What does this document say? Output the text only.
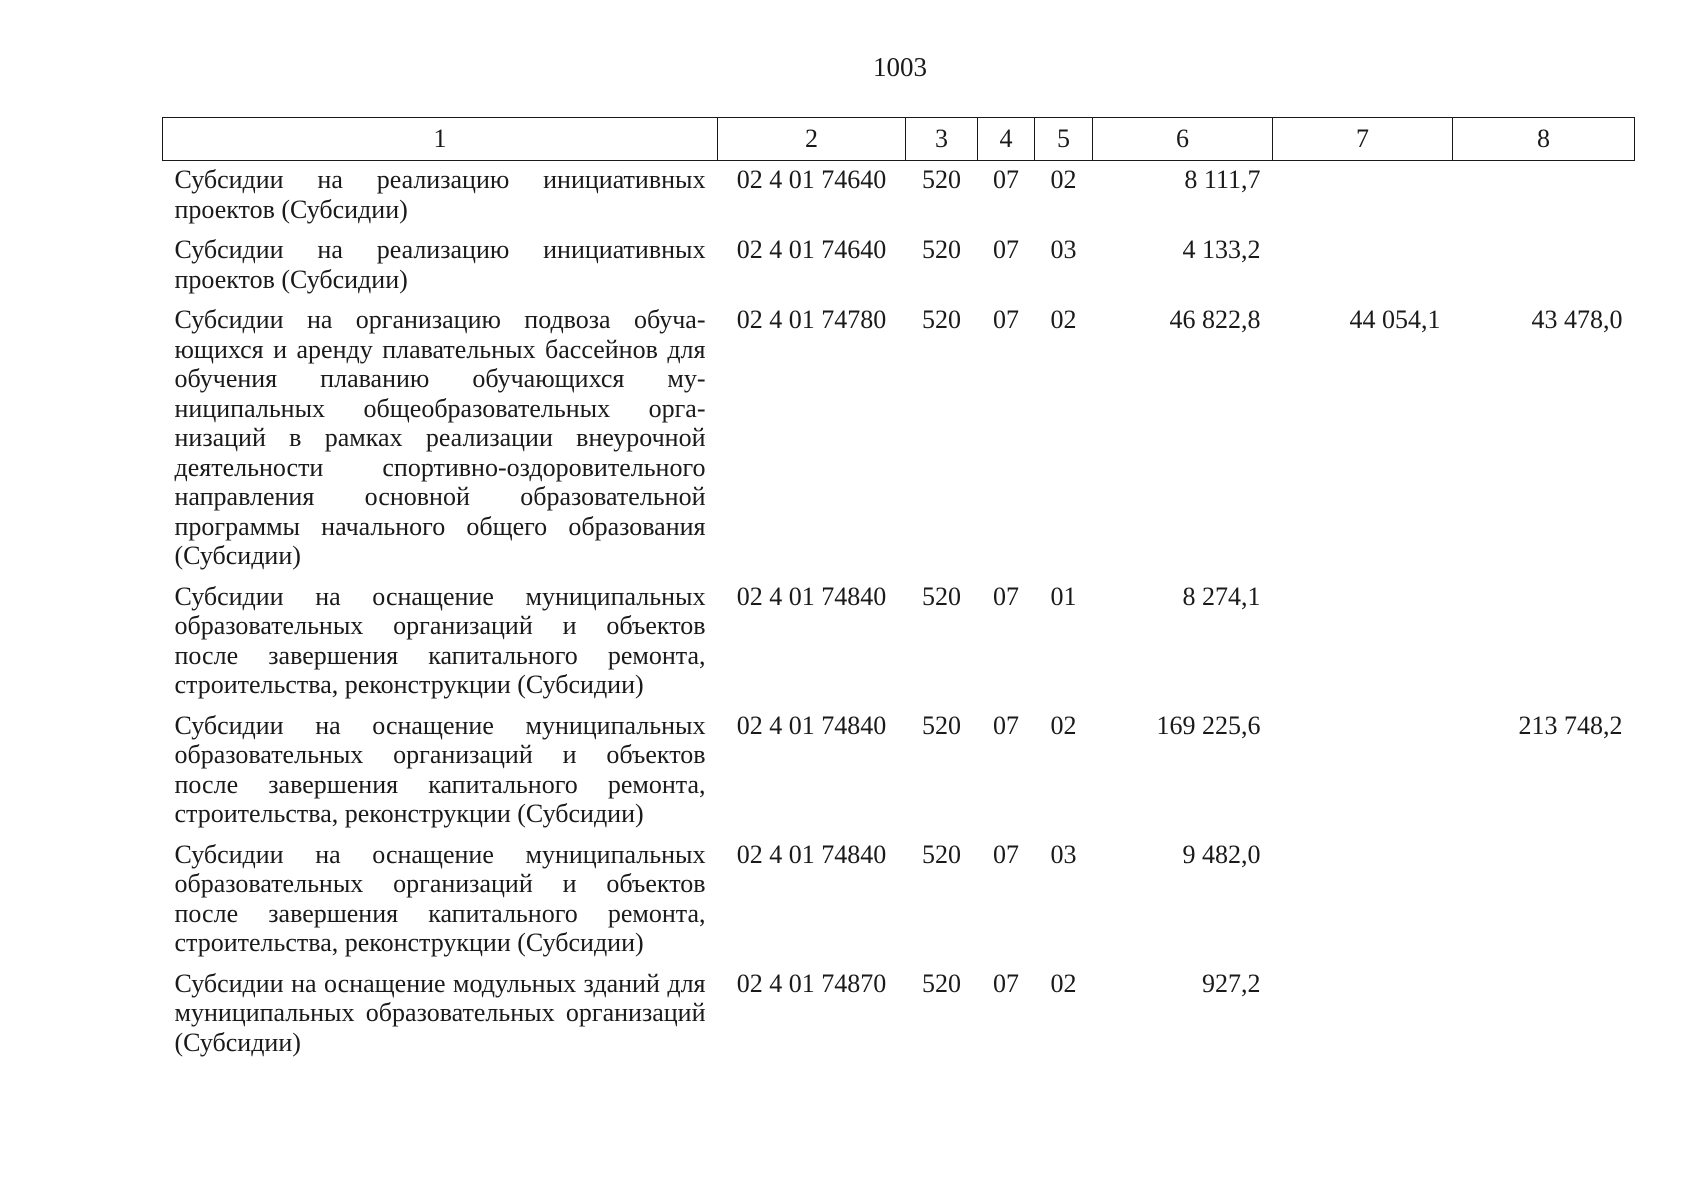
1003
1	2	3	4	5	6	7	8
Субсидии на реализацию инициативных проектов (Субсидии)	02 4 01 74640	520	07	02	8 111,7		
Субсидии на реализацию инициативных проектов (Субсидии)	02 4 01 74640	520	07	03	4 133,2		
Субсидии на организацию подвоза обучающихся и аренду плавательных бассейнов для обучения плаванию обучающихся муниципальных общеобразовательных организаций в рамках реализации внеурочной деятельности спортивно-оздоровительного направления основной образовательной программы начального общего образования (Субсидии)	02 4 01 74780	520	07	02	46 822,8	44 054,1	43 478,0
Субсидии на оснащение муниципальных образовательных организаций и объектов после завершения капитального ремонта, строительства, реконструкции (Субсидии)	02 4 01 74840	520	07	01	8 274,1		
Субсидии на оснащение муниципальных образовательных организаций и объектов после завершения капитального ремонта, строительства, реконструкции (Субсидии)	02 4 01 74840	520	07	02	169 225,6		213 748,2
Субсидии на оснащение муниципальных образовательных организаций и объектов после завершения капитального ремонта, строительства, реконструкции (Субсидии)	02 4 01 74840	520	07	03	9 482,0		
Субсидии на оснащение модульных зданий для муниципальных образовательных организаций (Субсидии)	02 4 01 74870	520	07	02	927,2		
